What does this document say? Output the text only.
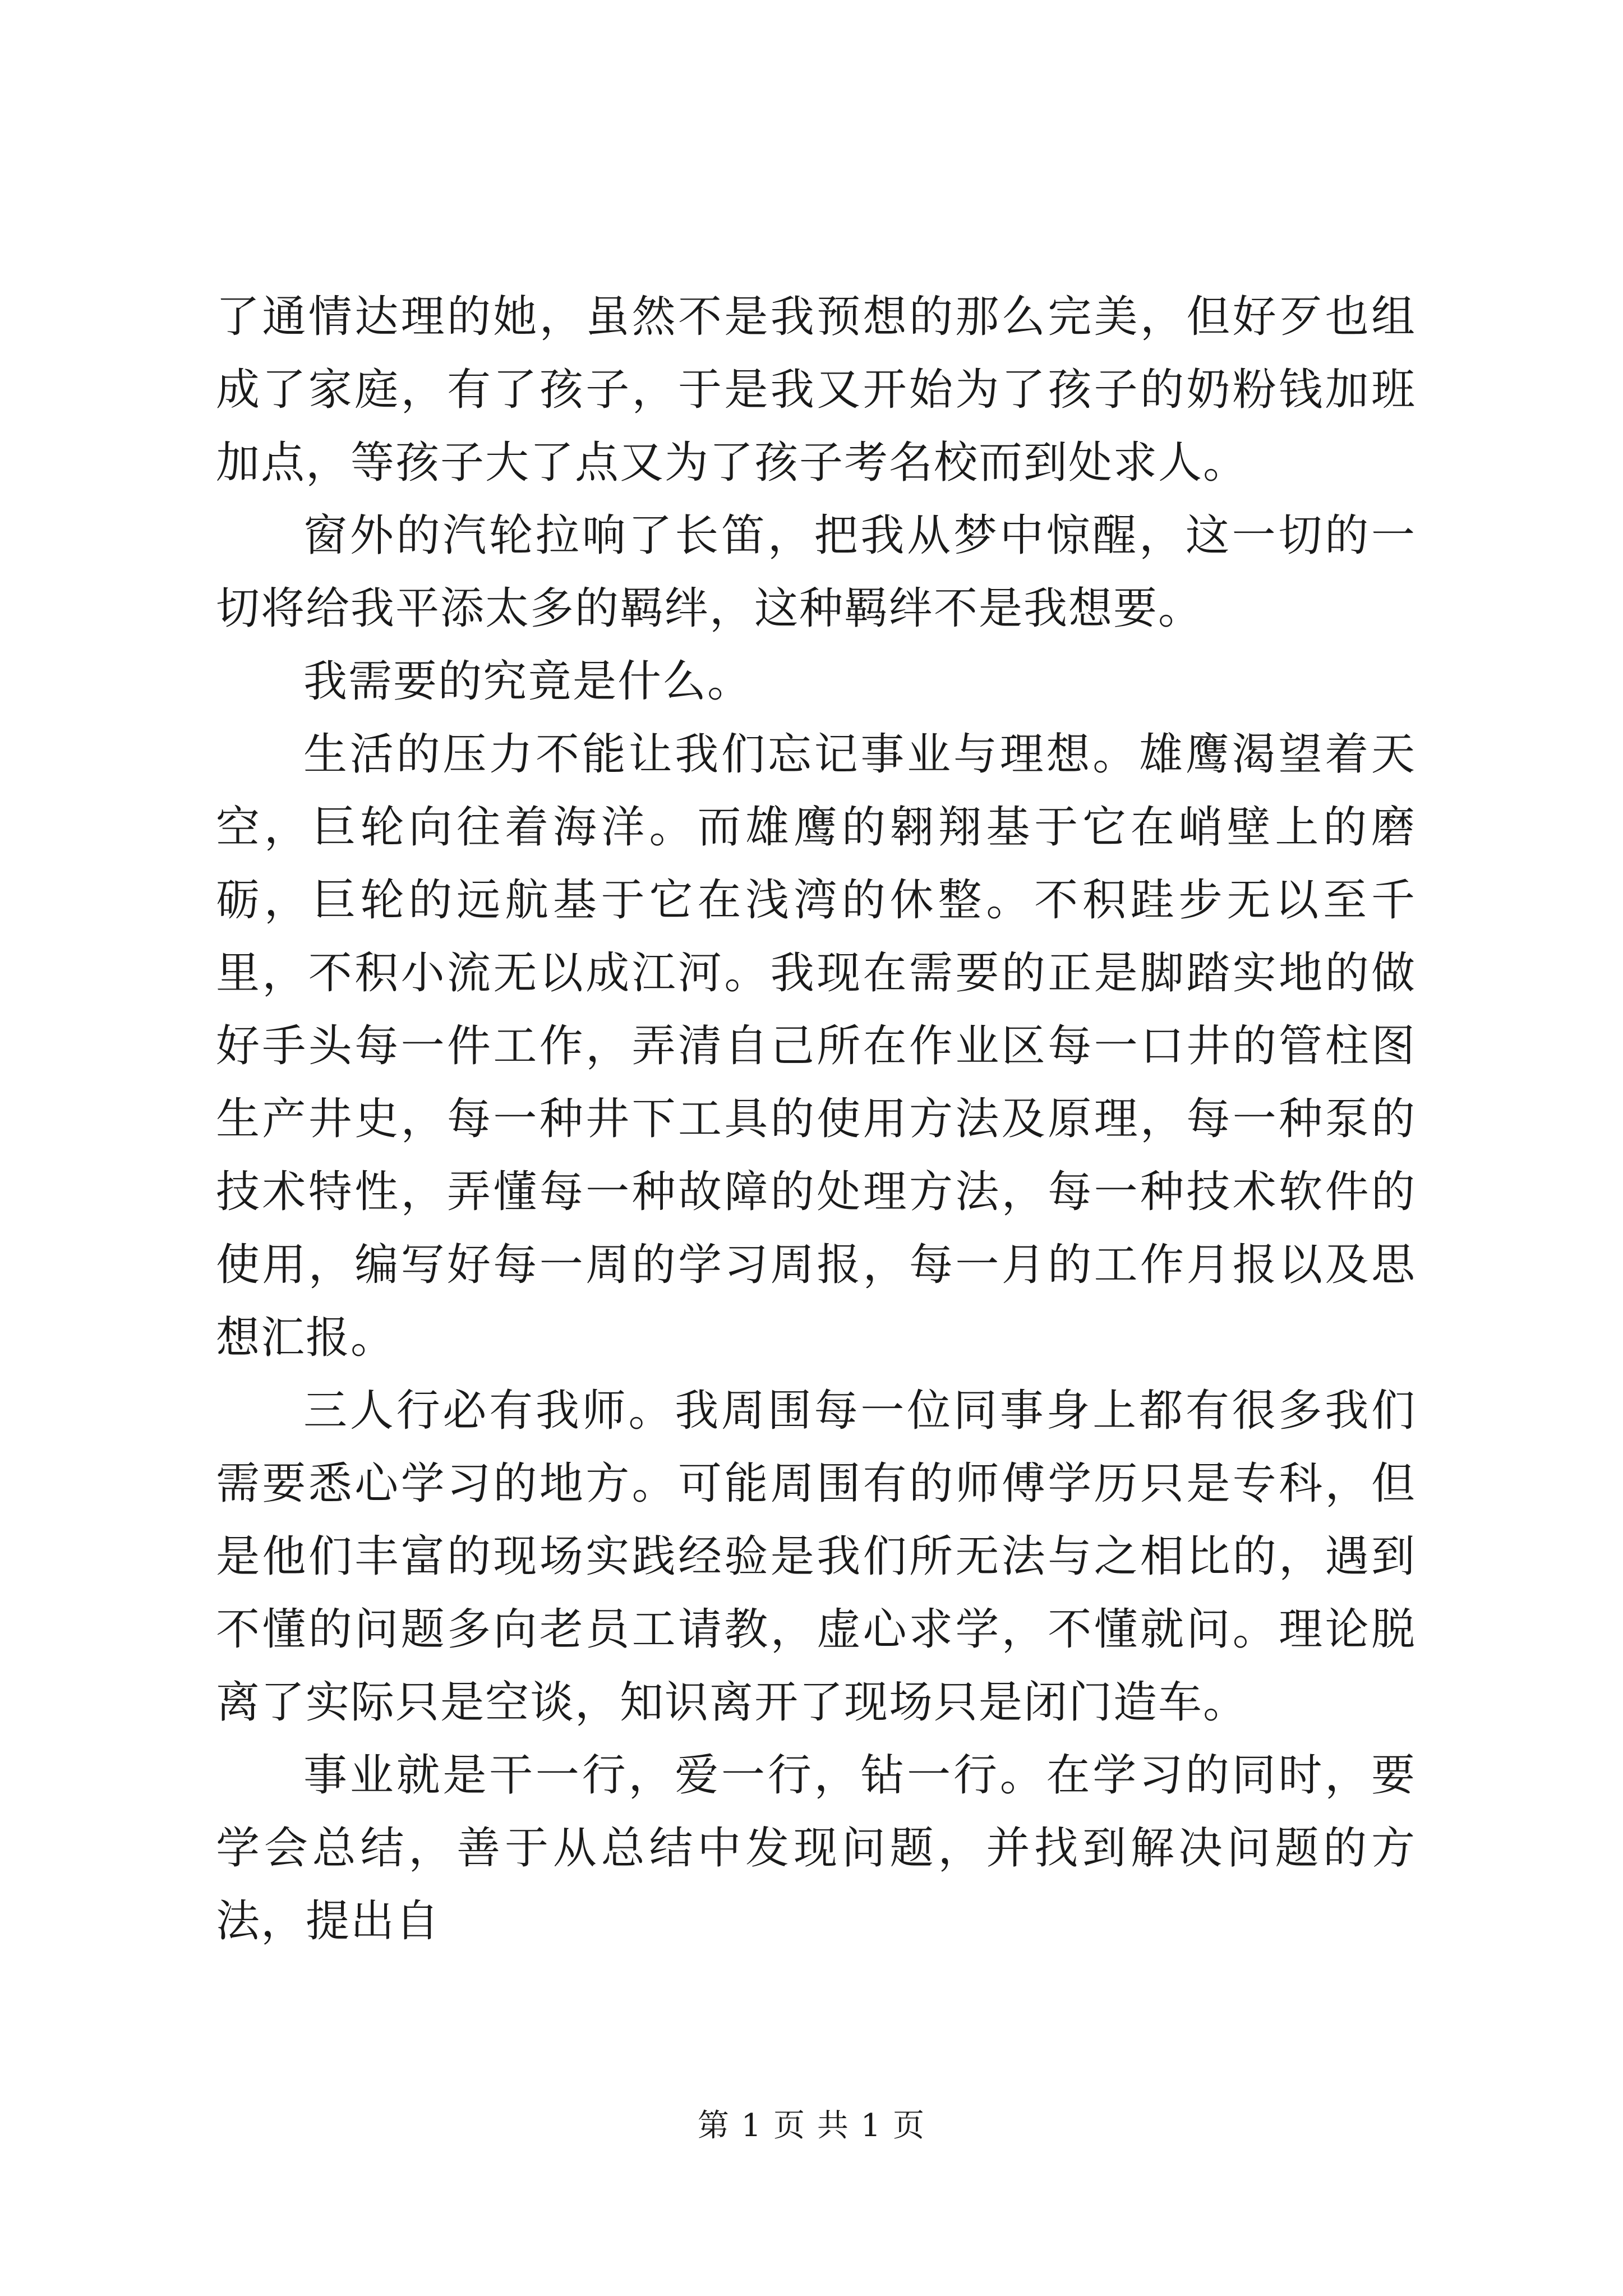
了通情达理的她，虽然不是我预想的那么完美，但好歹也组成了家庭，有了孩子，于是我又开始为了孩子的奶粉钱加班加点，等孩子大了点又为了孩子考名校而到处求人。

窗外的汽轮拉响了长笛，把我从梦中惊醒，这一切的一切将给我平添太多的羁绊，这种羁绊不是我想要。

我需要的究竟是什么。

生活的压力不能让我们忘记事业与理想。雄鹰渴望着天空，巨轮向往着海洋。而雄鹰的翱翔基于它在峭壁上的磨砺，巨轮的远航基于它在浅湾的休整。不积跬步无以至千里，不积小流无以成江河。我现在需要的正是脚踏实地的做好手头每一件工作，弄清自己所在作业区每一口井的管柱图生产井史，每一种井下工具的使用方法及原理，每一种泵的技术特性，弄懂每一种故障的处理方法，每一种技术软件的使用，编写好每一周的学习周报，每一月的工作月报以及思想汇报。

三人行必有我师。我周围每一位同事身上都有很多我们需要悉心学习的地方。可能周围有的师傅学历只是专科，但是他们丰富的现场实践经验是我们所无法与之相比的，遇到不懂的问题多向老员工请教，虚心求学，不懂就问。理论脱离了实际只是空谈，知识离开了现场只是闭门造车。

事业就是干一行，爱一行，钻一行。在学习的同时，要学会总结，善于从总结中发现问题，并找到解决问题的方法，提出自

第 1 页 共 1 页
